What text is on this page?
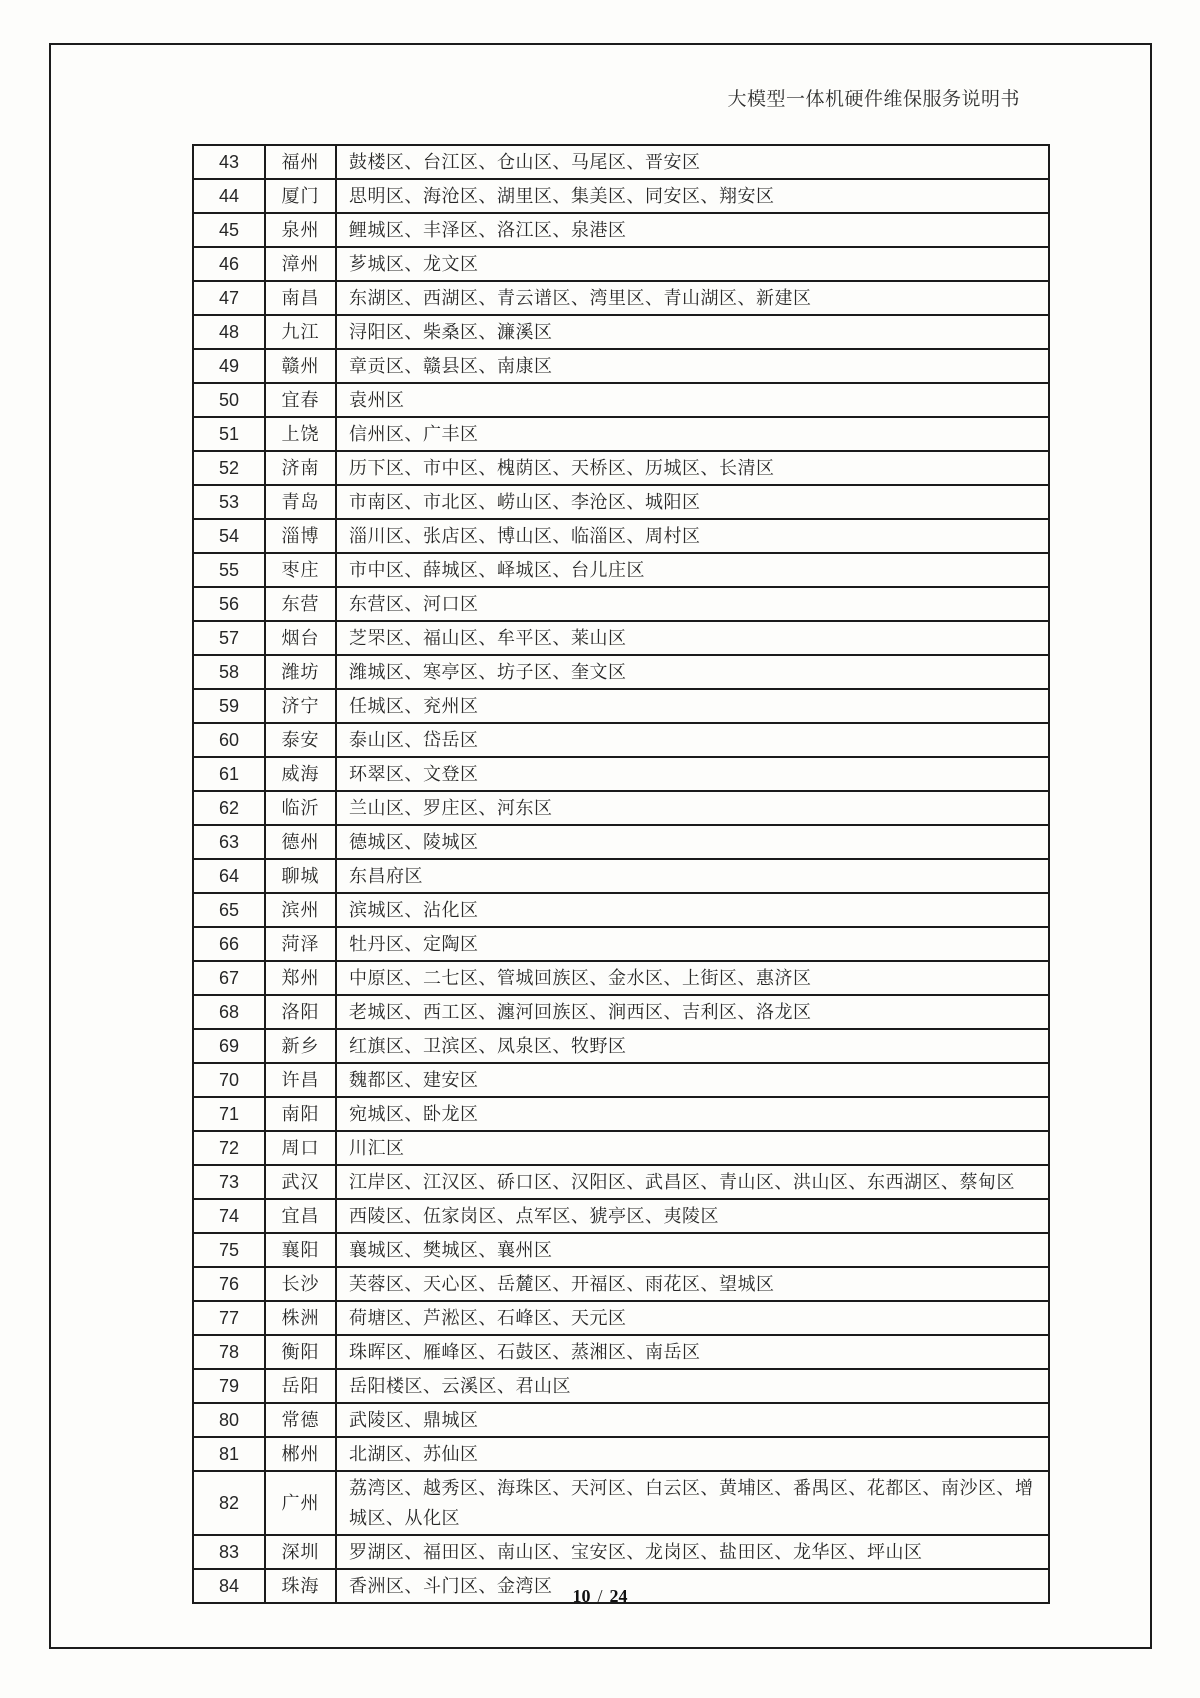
大模型一体机硬件维保服务说明书
43	福州	鼓楼区、台江区、仓山区、马尾区、晋安区
44	厦门	思明区、海沧区、湖里区、集美区、同安区、翔安区
45	泉州	鲤城区、丰泽区、洛江区、泉港区
46	漳州	芗城区、龙文区
47	南昌	东湖区、西湖区、青云谱区、湾里区、青山湖区、新建区
48	九江	浔阳区、柴桑区、濂溪区
49	赣州	章贡区、赣县区、南康区
50	宜春	袁州区
51	上饶	信州区、广丰区
52	济南	历下区、市中区、槐荫区、天桥区、历城区、长清区
53	青岛	市南区、市北区、崂山区、李沧区、城阳区
54	淄博	淄川区、张店区、博山区、临淄区、周村区
55	枣庄	市中区、薛城区、峄城区、台儿庄区
56	东营	东营区、河口区
57	烟台	芝罘区、福山区、牟平区、莱山区
58	潍坊	潍城区、寒亭区、坊子区、奎文区
59	济宁	任城区、兖州区
60	泰安	泰山区、岱岳区
61	威海	环翠区、文登区
62	临沂	兰山区、罗庄区、河东区
63	德州	德城区、陵城区
64	聊城	东昌府区
65	滨州	滨城区、沾化区
66	菏泽	牡丹区、定陶区
67	郑州	中原区、二七区、管城回族区、金水区、上街区、惠济区
68	洛阳	老城区、西工区、瀍河回族区、涧西区、吉利区、洛龙区
69	新乡	红旗区、卫滨区、凤泉区、牧野区
70	许昌	魏都区、建安区
71	南阳	宛城区、卧龙区
72	周口	川汇区
73	武汉	江岸区、江汉区、硚口区、汉阳区、武昌区、青山区、洪山区、东西湖区、蔡甸区
74	宜昌	西陵区、伍家岗区、点军区、猇亭区、夷陵区
75	襄阳	襄城区、樊城区、襄州区
76	长沙	芙蓉区、天心区、岳麓区、开福区、雨花区、望城区
77	株洲	荷塘区、芦淞区、石峰区、天元区
78	衡阳	珠晖区、雁峰区、石鼓区、蒸湘区、南岳区
79	岳阳	岳阳楼区、云溪区、君山区
80	常德	武陵区、鼎城区
81	郴州	北湖区、苏仙区
82	广州	荔湾区、越秀区、海珠区、天河区、白云区、黄埔区、番禺区、花都区、南沙区、增城区、从化区
83	深圳	罗湖区、福田区、南山区、宝安区、龙岗区、盐田区、龙华区、坪山区
84	珠海	香洲区、斗门区、金湾区	10 / 24
